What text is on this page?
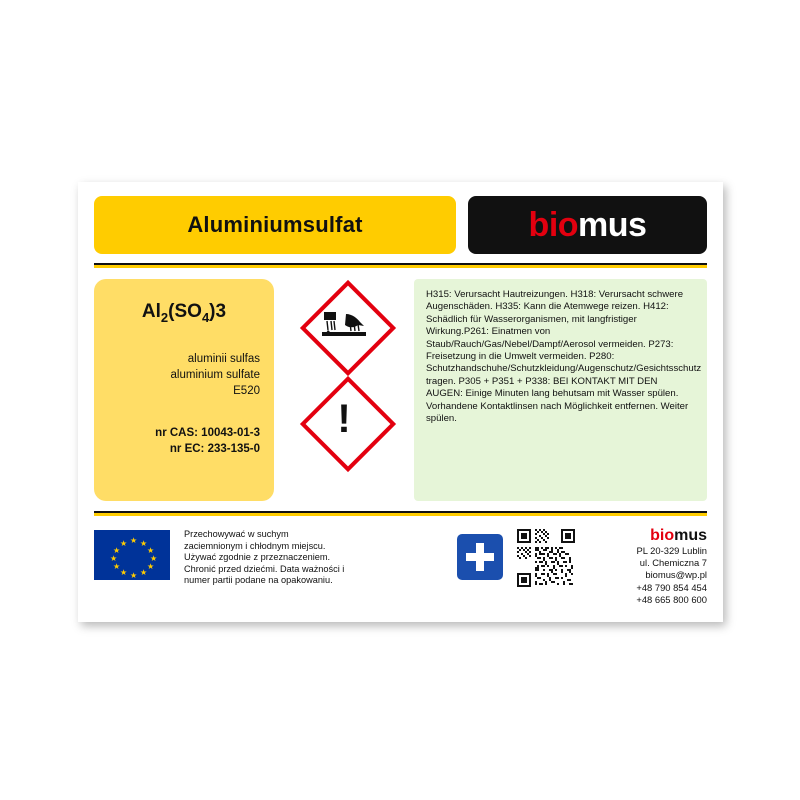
Aluminiumsulfat	biomus
$Al_2(SO_4)3$
aluminii sulfas
aluminium sulfate
E520
nr CAS: 10043-01-3
nr EC: 233-135-0
!

H315: Verursacht Hautreizungen. H318: Verursacht schwere Augenschäden. H335: Kann die Atemwege reizen. H412: Schädlich für Wasserorganismen, mit langfristiger Wirkung.P261: Einatmen von Staub/Rauch/Gas/Nebel/Dampf/Aerosol vermeiden. P273: Freisetzung in die Umwelt vermeiden. P280: Schutzhandschuhe/Schutzkleidung/Augenschutz/Gesichtsschutz tragen. P305 + P351 + P338: BEI KONTAKT MIT DEN AUGEN: Einige Minuten lang behutsam mit Wasser spülen. Vorhandene Kontaktlinsen nach Möglichkeit entfernen. Weiter spülen.

★ ★
★
★
★
★
★
★
★
★
★
★
Przechowywać w suchym zaciemnionym i chłodnym miejscu. Używać zgodnie z przeznaczeniem. Chronić przed dziećmi. Data ważności i numer partii podane na opakowaniu.
biomus
PL 20-329 Lublin
ul. Chemiczna 7
biomus@wp.pl
+48 790 854 454
+48 665 800 600
